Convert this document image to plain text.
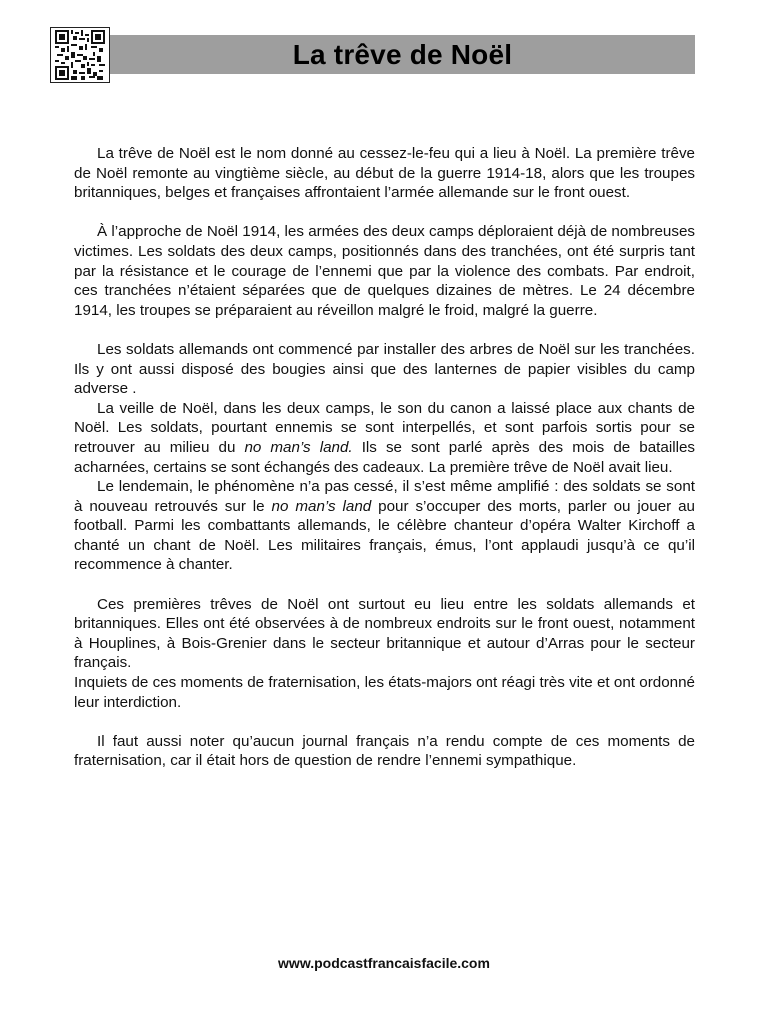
La trêve de Noël

La trêve de Noël est le nom donné au cessez-le-feu qui a lieu à Noël. La première trêve de Noël remonte au vingtième siècle, au début de la guerre 1914-18, alors que les troupes britanniques, belges et françaises affrontaient l’armée allemande sur le front ouest.

À l’approche de Noël 1914, les armées des deux camps déploraient déjà de nombreuses victimes. Les soldats des deux camps, positionnés dans des tranchées, ont été surpris tant par la résistance et le courage de l’ennemi que par la violence des combats. Par endroit, ces tranchées n’étaient séparées que de quelques dizaines de mètres. Le 24 décembre 1914, les troupes se préparaient au réveillon malgré le froid, malgré la guerre.

Les soldats allemands ont commencé par installer des arbres de Noël sur les tranchées. Ils y ont aussi disposé des bougies ainsi que des lanternes de papier visibles du camp adverse .

La veille de Noël, dans les deux camps, le son du canon a laissé place aux chants de Noël. Les soldats, pourtant ennemis se sont interpellés, et sont parfois sortis pour se retrouver au milieu du no man’s land. Ils se sont parlé après des mois de batailles acharnées, certains se sont échangés des cadeaux. La première trêve de Noël avait lieu.

Le lendemain, le phénomène n’a pas cessé, il s’est même amplifié : des soldats se sont à nouveau retrouvés sur le no man’s land pour s’occuper des morts, parler ou jouer au football. Parmi les combattants allemands, le célèbre chanteur d’opéra Walter Kirchoff a chanté un chant de Noël. Les militaires français, émus, l’ont applaudi jusqu’à ce qu’il recommence à chanter.

Ces premières trêves de Noël ont surtout eu lieu entre les soldats allemands et britanniques. Elles ont été observées à de nombreux endroits sur le front ouest, notamment à Houplines, à Bois-Grenier dans le secteur britannique et autour d’Arras pour le secteur français.

Inquiets de ces moments de fraternisation, les états-majors ont réagi très vite et ont ordonné leur interdiction.

Il faut aussi noter qu’aucun journal français n’a rendu compte de ces moments de fraternisation, car il était hors de question de rendre l’ennemi sympathique.

www.podcastfrancaisfacile.com
